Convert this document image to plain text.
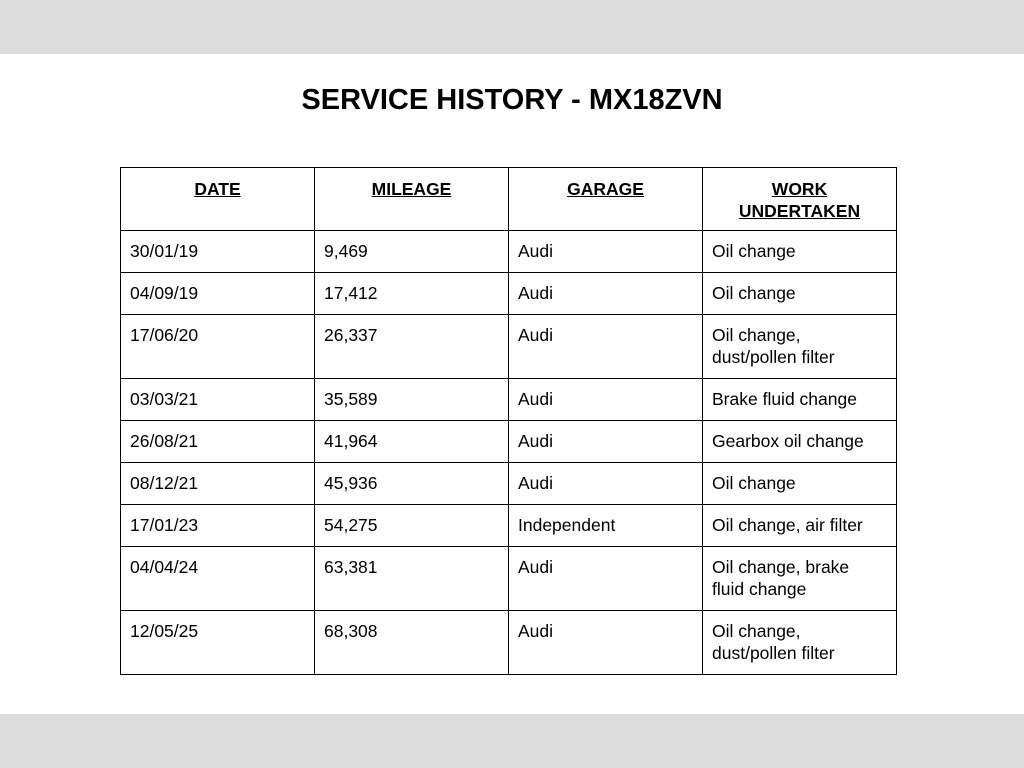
SERVICE HISTORY - MX18ZVN
DATE	MILEAGE	GARAGE	WORK
UNDERTAKEN
30/01/19	9,469	Audi	Oil change
04/09/19	17,412	Audi	Oil change
17/06/20	26,337	Audi	Oil change,
dust/pollen filter
03/03/21	35,589	Audi	Brake fluid change
26/08/21	41,964	Audi	Gearbox oil change
08/12/21	45,936	Audi	Oil change
17/01/23	54,275	Independent	Oil change, air filter
04/04/24	63,381	Audi	Oil change, brake
fluid change
12/05/25	68,308	Audi	Oil change,
dust/pollen filter
